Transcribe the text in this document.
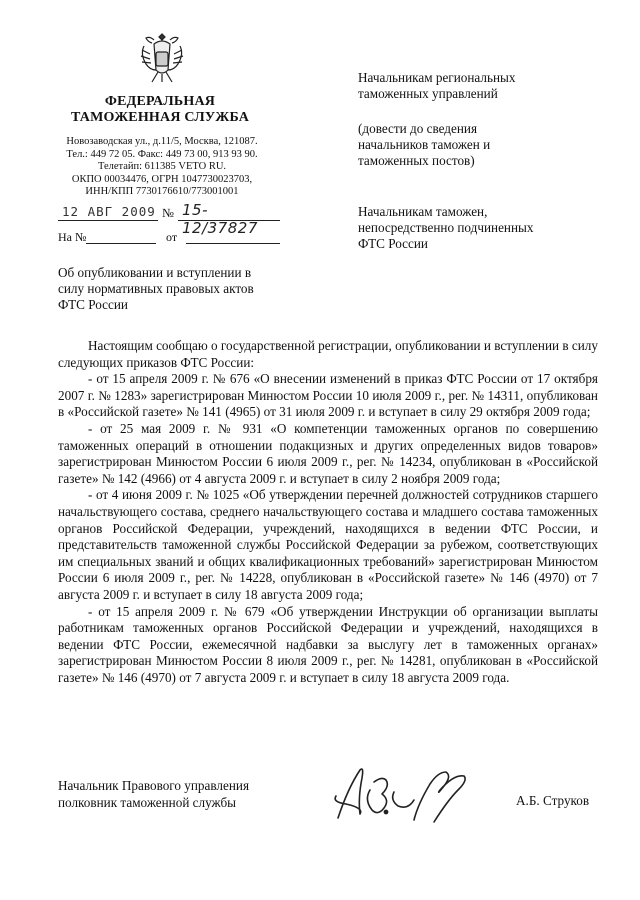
ФЕДЕРАЛЬНАЯ
ТАМОЖЕННАЯ СЛУЖБА
Новозаводская ул., д.11/5, Москва, 121087.
Тел.: 449 72 05. Факс: 449 73 00, 913 93 90.
Телетайп: 611385 VETO RU.
ОКПО 00034476, ОГРН 1047730023703,
ИНН/КПП 7730176610/773001001
12 АВГ 2009 № 15-12/37827
На №	от
Об опубликовании и вступлении в
силу нормативных правовых актов
ФТС России
Начальникам региональных
таможенных управлений
(довести до сведения
начальников таможен и
таможенных постов)
Начальникам таможен,
непосредственно подчиненных
ФТС России

Настоящим сообщаю о государственной регистрации, опубликовании и вступлении в силу следующих приказов ФТС России:

- от 15 апреля 2009 г. № 676 «О внесении изменений в приказ ФТС России от 17 октября 2007 г. № 1283» зарегистрирован Минюстом России 10 июля 2009 г., рег. № 14311, опубликован в «Российской газете» № 141 (4965) от 31 июля 2009 г. и вступает в силу 29 октября 2009 года;

- от 25 мая 2009 г. № 931 «О компетенции таможенных органов по совершению таможенных операций в отношении подакцизных и других определенных видов товаров» зарегистрирован Минюстом России 6 июля 2009 г., рег. № 14234, опубликован в «Российской газете» № 142 (4966) от 4 августа 2009 г. и вступает в силу 2 ноября 2009 года;

- от 4 июня 2009 г. № 1025 «Об утверждении перечней должностей сотрудников старшего начальствующего состава, среднего начальствующего состава и младшего состава таможенных органов Российской Федерации, учреждений, находящихся в ведении ФТС России, и представительств таможенной службы Российской Федерации за рубежом, соответствующих им специальных званий и общих квалификационных требований» зарегистрирован Минюстом России 6 июля 2009 г., рег. № 14228, опубликован в «Российской газете» № 146 (4970) от 7 августа 2009 г. и вступает в силу 18 августа 2009 года;

- от 15 апреля 2009 г. № 679 «Об утверждении Инструкции об организации выплаты работникам таможенных органов Российской Федерации и учреждений, находящихся в ведении ФТС России, ежемесячной надбавки за выслугу лет в таможенных органах» зарегистрирован Минюстом России 8 июля 2009 г., рег. № 14281, опубликован в «Российской газете» № 146 (4970) от 7 августа 2009 г. и вступает в силу 18 августа 2009 года.

Начальник Правового управления
полковник таможенной службы	А.Б. Струков
